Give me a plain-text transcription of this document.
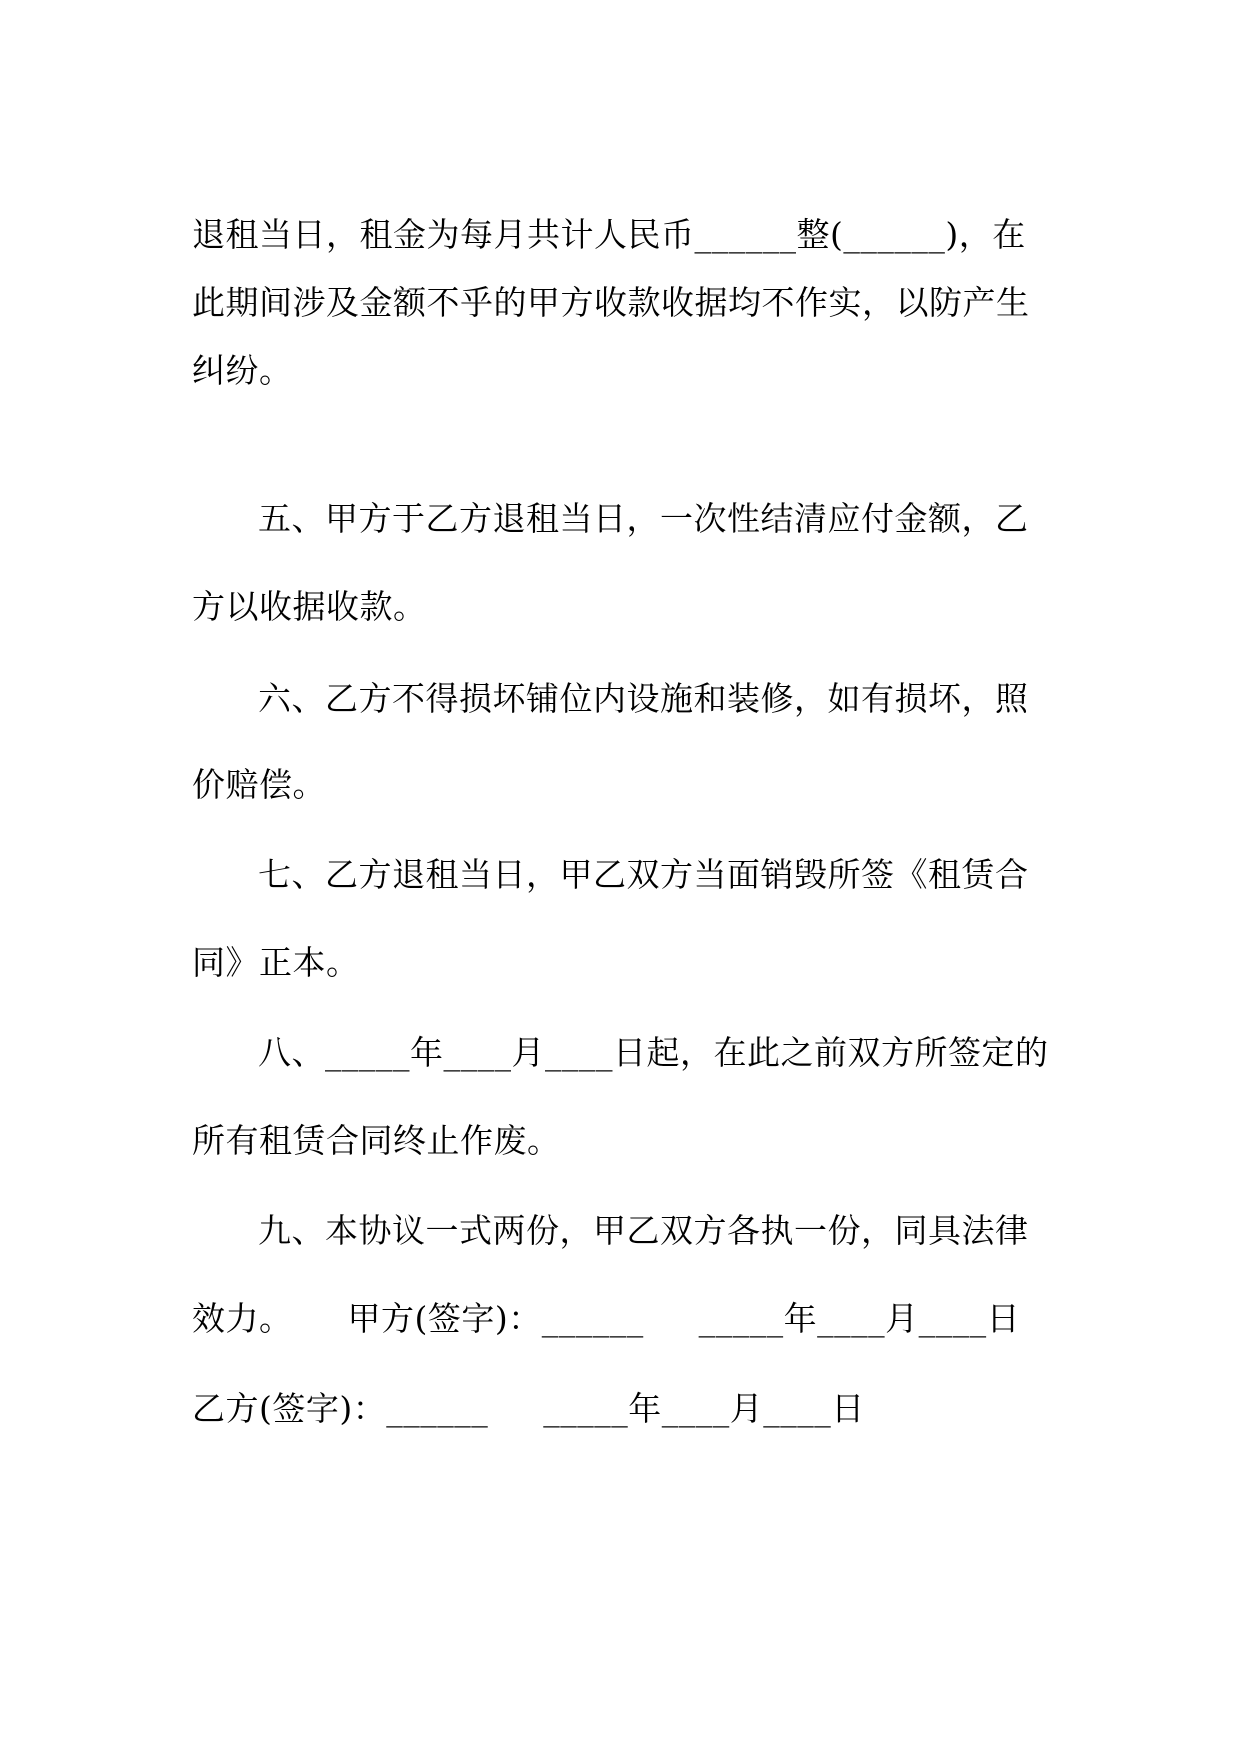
退租当日，租金为每月共计人民币______整(______)，在

此期间涉及金额不乎的甲方收款收据均不作实，以防产生

纠纷。

五、甲方于乙方退租当日，一次性结清应付金额，乙

方以收据收款。

六、乙方不得损坏铺位内设施和装修，如有损坏，照

价赔偿。

七、乙方退租当日，甲乙双方当面销毁所签《租赁合

同》正本。

八、_____年____月____日起，在此之前双方所签定的

所有租赁合同终止作废。

九、本协议一式两份，甲乙双方各执一份，同具法律

效力。     甲方(签字)：______     _____年____月____日

乙方(签字)：______     _____年____月____日
